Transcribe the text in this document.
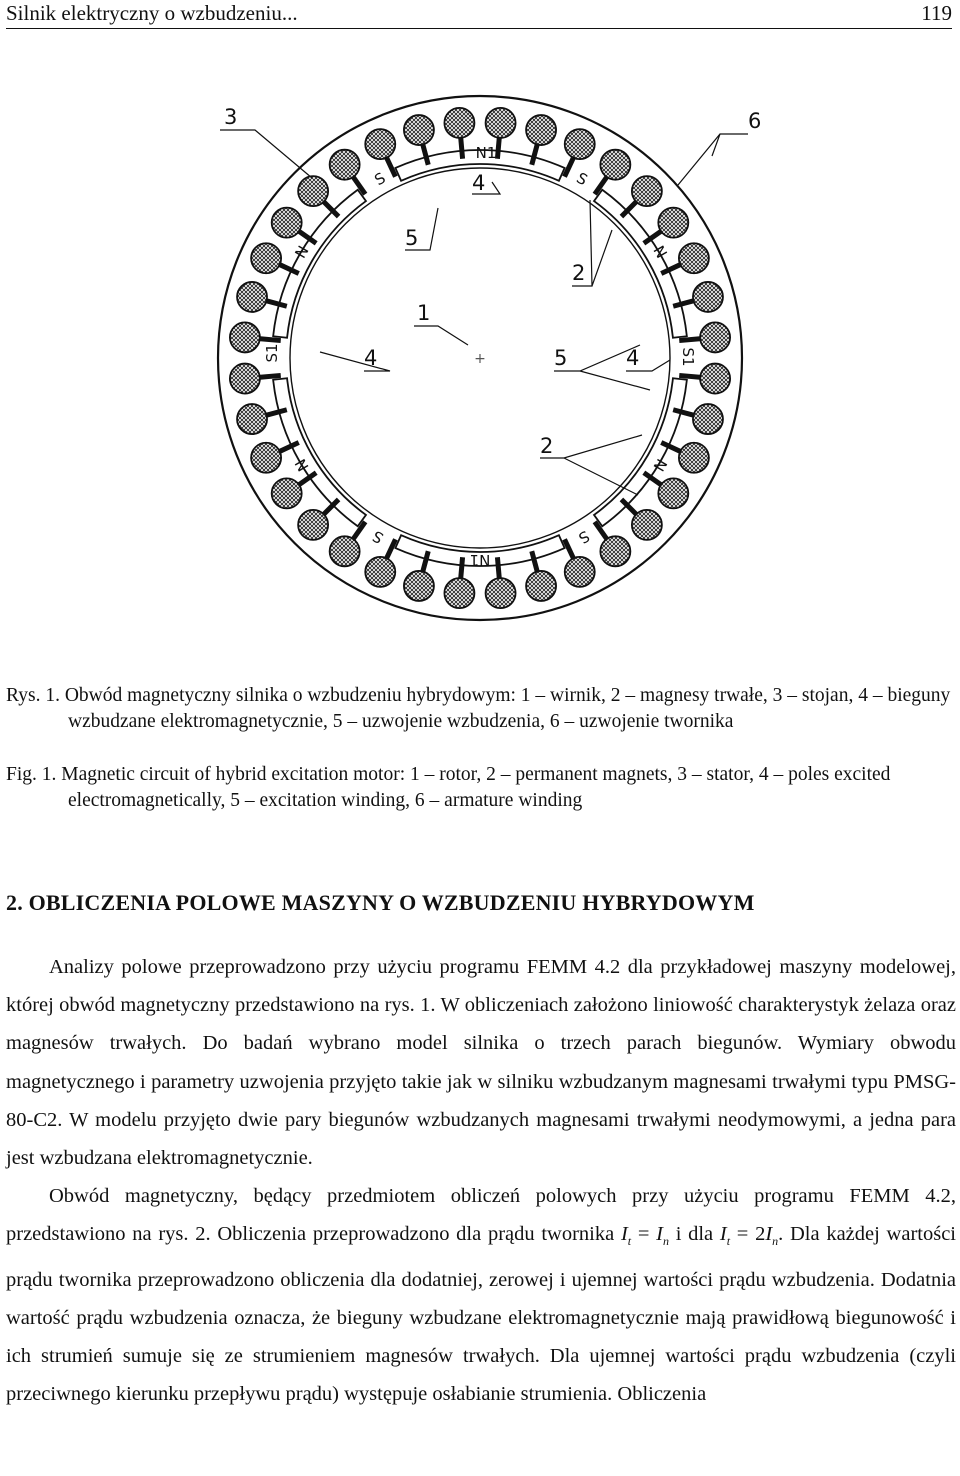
Silnik elektryczny o wzbudzeniu...	119
+
N1
N1
S1	S1
S	S
N	N
N	N
S	S
3	6
4
5
2
1
4	5	4
2
Rys. 1. Obwód magnetyczny silnika o wzbudzeniu hybrydowym: 1 – wirnik, 2 – magnesy trwałe, 3 – stojan, 4 – bieguny wzbudzane elektromagnetycznie, 5 – uzwojenie wzbudzenia, 6 – uzwojenie twornika
Fig. 1. Magnetic circuit of hybrid excitation motor: 1 – rotor, 2 – permanent magnets, 3 – stator, 4 – poles excited electromagnetically, 5 – excitation winding, 6 – armature winding
2. OBLICZENIA POLOWE MASZYNY O WZBUDZENIU HYBRYDOWYM

Analizy polowe przeprowadzono przy użyciu programu FEMM 4.2 dla przykładowej maszyny modelowej, której obwód magnetyczny przedstawiono na rys. 1. W obliczeniach założono liniowość charakterystyk żelaza oraz magnesów trwałych. Do badań wybrano model silnika o trzech parach biegunów. Wymiary obwodu magnetycznego i parametry uzwojenia przyjęto takie jak w silniku wzbudzanym magnesami trwałymi typu PMSG-80-C2. W modelu przyjęto dwie pary biegunów wzbudzanych magnesami trwałymi neodymowymi, a jedna para jest wzbudzana elektromagnetycznie.

Obwód magnetyczny, będący przedmiotem obliczeń polowych przy użyciu programu FEMM 4.2, przedstawiono na rys. 2. Obliczenia przeprowadzono dla prądu twornika $I_t = I_n$ i dla $I_t = 2I_n$. Dla każdej wartości prądu twornika przeprowadzono obliczenia dla dodatniej, zerowej i ujemnej wartości prądu wzbudzenia. Dodatnia wartość prądu wzbudzenia oznacza, że bieguny wzbudzane elektromagnetycznie mają prawidłową biegunowość i ich strumień sumuje się ze strumieniem magnesów trwałych. Dla ujemnej wartości prądu wzbudzenia (czyli przeciwnego kierunku przepływu prądu) występuje osłabianie strumienia. Obliczenia
